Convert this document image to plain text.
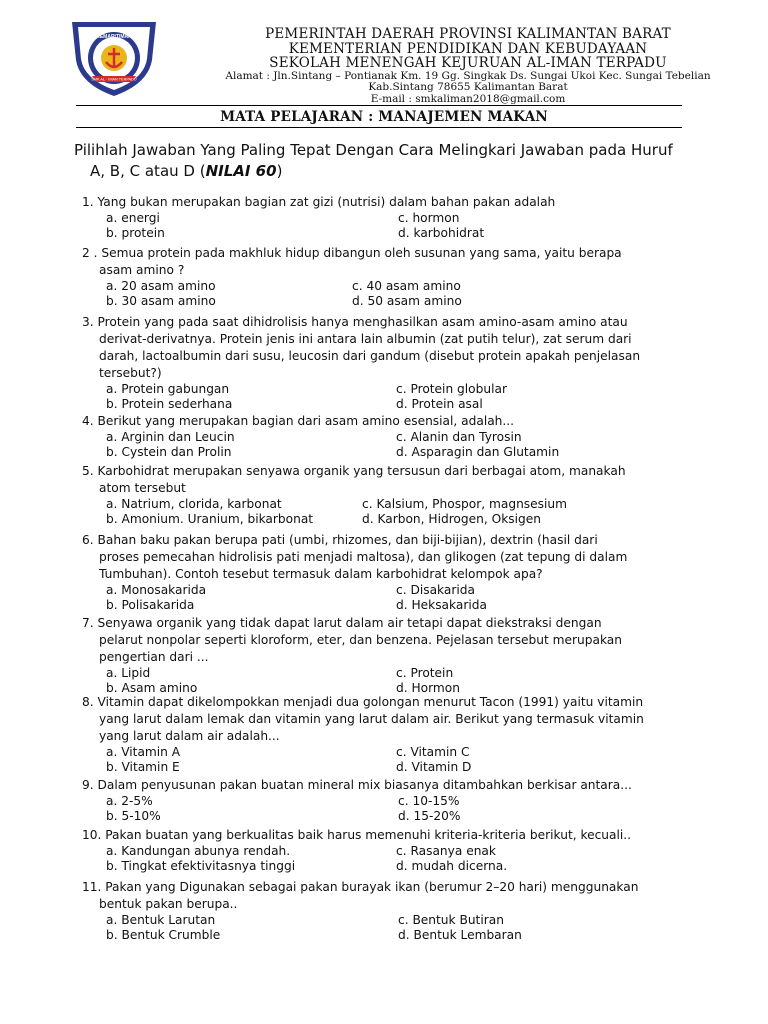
KEMARITIMAN
SMK AL - IMAN TERPADU
PEMERINTAH DAERAH PROVINSI KALIMANTAN BARAT
KEMENTERIAN PENDIDIKAN DAN KEBUDAYAAN
SEKOLAH MENENGAH KEJURUAN AL-IMAN TERPADU
Alamat : Jln.Sintang – Pontianak Km. 19 Gg. Singkak Ds. Sungai Ukoi Kec. Sungai Tebelian
Kab.Sintang 78655 Kalimantan Barat
E-mail : smkaliman2018@gmail.com
MATA PELAJARAN : MANAJEMEN MAKAN
Pilihlah Jawaban Yang Paling Tepat Dengan Cara Melingkari Jawaban pada Huruf
A, B, C atau D (NILAI 60)
1. Yang bukan merupakan bagian zat gizi (nutrisi) dalam bahan pakan adalah
a. energi	c. hormon
b. protein	d. karbohidrat
2 . Semua protein pada makhluk hidup dibangun oleh susunan yang sama, yaitu berapa
asam amino ?
a. 20 asam amino	c. 40 asam amino
b. 30 asam amino	d. 50 asam amino
3. Protein yang pada saat dihidrolisis hanya menghasilkan asam amino-asam amino atau
derivat-derivatnya. Protein jenis ini antara lain albumin (zat putih telur), zat serum dari
darah, lactoalbumin dari susu, leucosin dari gandum (disebut protein apakah penjelasan
tersebut?)
a. Protein gabungan	c. Protein globular
b. Protein sederhana	d. Protein asal
4. Berikut yang merupakan bagian dari asam amino esensial, adalah...
a. Arginin dan Leucin	c. Alanin dan Tyrosin
b. Cystein dan Prolin	d. Asparagin dan Glutamin
5. Karbohidrat merupakan senyawa organik yang tersusun dari berbagai atom, manakah
atom tersebut
a. Natrium, clorida, karbonat	c. Kalsium, Phospor, magnsesium
b. Amonium. Uranium, bikarbonat	d. Karbon, Hidrogen, Oksigen
6. Bahan baku pakan berupa pati (umbi, rhizomes, dan biji-bijian), dextrin (hasil dari
proses pemecahan hidrolisis pati menjadi maltosa), dan glikogen (zat tepung di dalam
Tumbuhan). Contoh tesebut termasuk dalam karbohidrat kelompok apa?
a. Monosakarida	c. Disakarida
b. Polisakarida	d. Heksakarida
7. Senyawa organik yang tidak dapat larut dalam air tetapi dapat diekstraksi dengan
pelarut nonpolar seperti kloroform, eter, dan benzena. Pejelasan tersebut merupakan
pengertian dari ...
a. Lipid	c. Protein
b. Asam amino	d. Hormon
8. Vitamin dapat dikelompokkan menjadi dua golongan menurut Tacon (1991) yaitu vitamin
yang larut dalam lemak dan vitamin yang larut dalam air. Berikut yang termasuk vitamin
yang larut dalam air adalah...
a. Vitamin A	c. Vitamin C
b. Vitamin E	d. Vitamin D
9. Dalam penyusunan pakan buatan mineral mix biasanya ditambahkan berkisar antara...
a. 2-5%	c. 10-15%
b. 5-10%	d. 15-20%
10. Pakan buatan yang berkualitas baik harus memenuhi kriteria-kriteria berikut, kecuali..
a. Kandungan abunya rendah.	c. Rasanya enak
b. Tingkat efektivitasnya tinggi	d. mudah dicerna.
11. Pakan yang Digunakan sebagai pakan burayak ikan (berumur 2–20 hari) menggunakan
bentuk pakan berupa..
a. Bentuk Larutan	c. Bentuk Butiran
b. Bentuk Crumble	d. Bentuk Lembaran
